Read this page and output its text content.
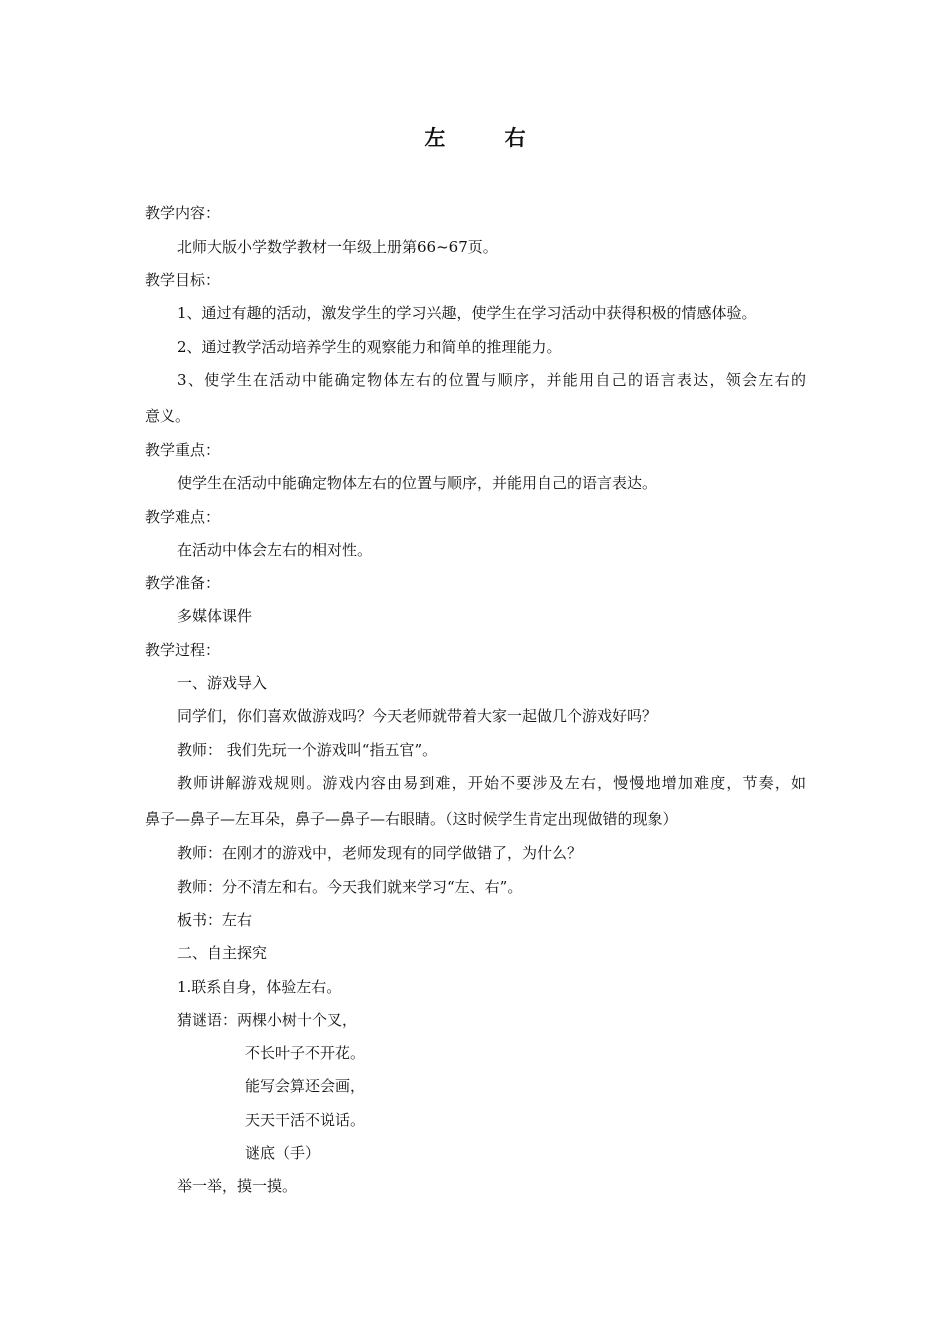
左 右
教学内容：
北师大版小学数学教材一年级上册第66~67页。
教学目标：
1、通过有趣的活动，激发学生的学习兴趣，使学生在学习活动中获得积极的情感体验。
2、通过教学活动培养学生的观察能力和简单的推理能力。
3、使学生在活动中能确定物体左右的位置与顺序，并能用自己的语言表达，领会左右的
意义。
教学重点：
使学生在活动中能确定物体左右的位置与顺序，并能用自己的语言表达。
教学难点：
在活动中体会左右的相对性。
教学准备：
多媒体课件
教学过程：
一、游戏导入
同学们，你们喜欢做游戏吗？今天老师就带着大家一起做几个游戏好吗？
教师： 我们先玩一个游戏叫“指五官”。
教师讲解游戏规则。游戏内容由易到难，开始不要涉及左右，慢慢地增加难度，节奏，如
鼻子—鼻子—左耳朵，鼻子—鼻子—右眼睛。（这时候学生肯定出现做错的现象）
教师：在刚才的游戏中，老师发现有的同学做错了，为什么？
教师：分不清左和右。今天我们就来学习“左、右”。
板书：左右
二、自主探究
1.联系自身，体验左右。
猜谜语：两棵小树十个叉，
不长叶子不开花。
能写会算还会画，
天天干活不说话。
谜底（手）
举一举，摸一摸。
